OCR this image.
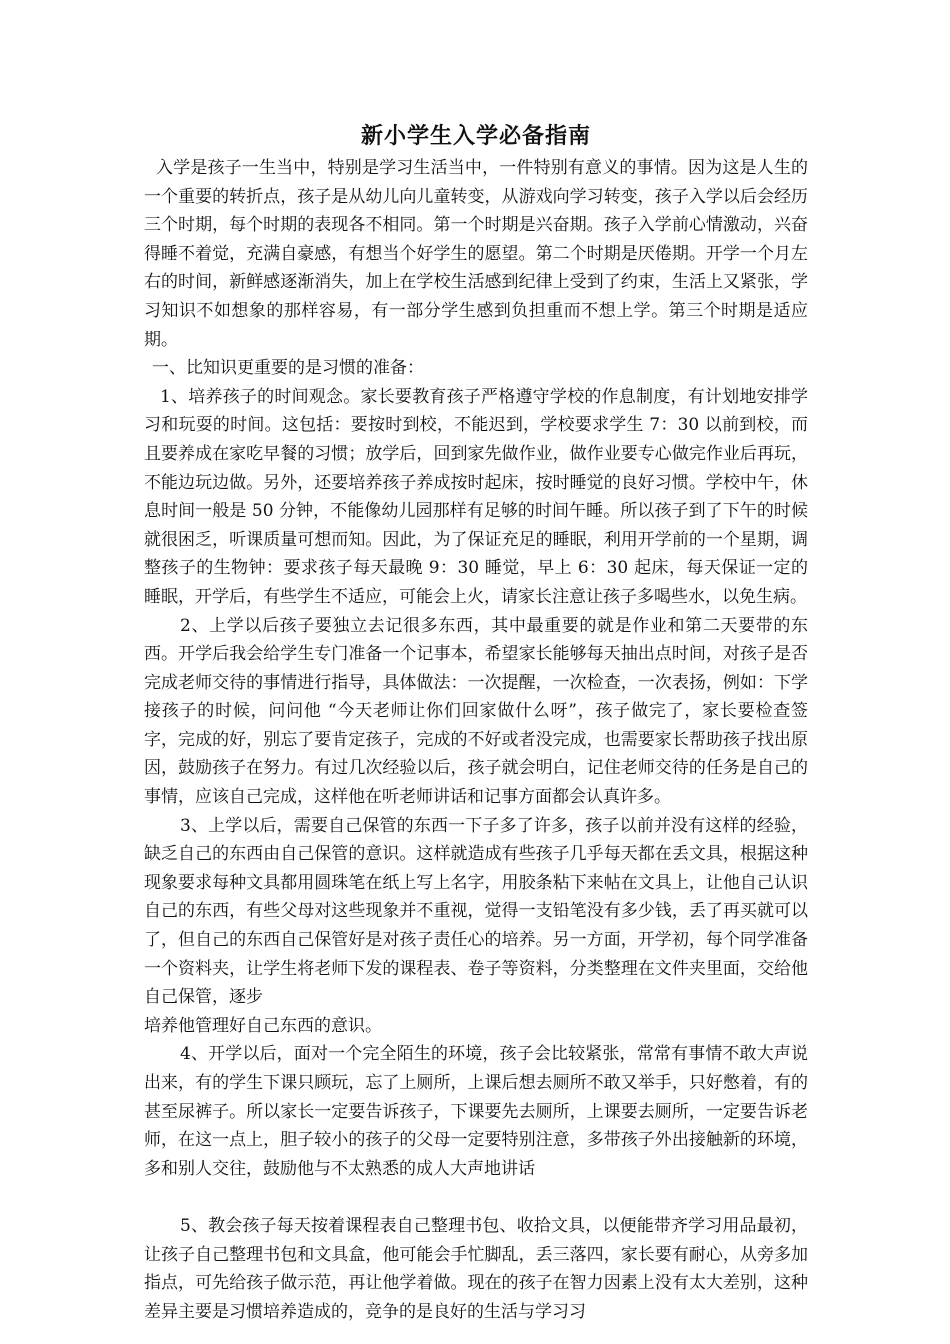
新小学生入学必备指南

入学是孩子一生当中，特别是学习生活当中，一件特别有意义的事情。因为这是人生的一个重要的转折点，孩子是从幼儿向儿童转变，从游戏向学习转变，孩子入学以后会经历三个时期，每个时期的表现各不相同。第一个时期是兴奋期。孩子入学前心情激动，兴奋得睡不着觉，充满自豪感，有想当个好学生的愿望。第二个时期是厌倦期。开学一个月左右的时间，新鲜感逐渐消失，加上在学校生活感到纪律上受到了约束，生活上又紧张，学习知识不如想象的那样容易，有一部分学生感到负担重而不想上学。第三个时期是适应期。

一、比知识更重要的是习惯的准备：

1、培养孩子的时间观念。家长要教育孩子严格遵守学校的作息制度，有计划地安排学习和玩耍的时间。这包括：要按时到校，不能迟到，学校要求学生 7：30 以前到校，而且要养成在家吃早餐的习惯；放学后，回到家先做作业，做作业要专心做完作业后再玩，不能边玩边做。另外，还要培养孩子养成按时起床，按时睡觉的良好习惯。学校中午，休息时间一般是 50 分钟，不能像幼儿园那样有足够的时间午睡。所以孩子到了下午的时候就很困乏，听课质量可想而知。因此，为了保证充足的睡眠，利用开学前的一个星期，调整孩子的生物钟：要求孩子每天最晚 9：30 睡觉，早上 6：30 起床，每天保证一定的睡眠，开学后，有些学生不适应，可能会上火，请家长注意让孩子多喝些水，以免生病。

2、上学以后孩子要独立去记很多东西，其中最重要的就是作业和第二天要带的东西。开学后我会给学生专门准备一个记事本，希望家长能够每天抽出点时间，对孩子是否完成老师交待的事情进行指导，具体做法：一次提醒，一次检查，一次表扬，例如：下学接孩子的时候，问问他 “今天老师让你们回家做什么呀”，孩子做完了，家长要检查签字，完成的好，别忘了要肯定孩子，完成的不好或者没完成，也需要家长帮助孩子找出原因，鼓励孩子在努力。有过几次经验以后，孩子就会明白，记住老师交待的任务是自己的事情，应该自己完成，这样他在听老师讲话和记事方面都会认真许多。

3、上学以后，需要自己保管的东西一下子多了许多，孩子以前并没有这样的经验，缺乏自己的东西由自己保管的意识。这样就造成有些孩子几乎每天都在丢文具，根据这种现象要求每种文具都用圆珠笔在纸上写上名字，用胶条粘下来帖在文具上，让他自己认识自己的东西，有些父母对这些现象并不重视，觉得一支铅笔没有多少钱，丢了再买就可以了，但自己的东西自己保管好是对孩子责任心的培养。另一方面，开学初，每个同学准备一个资料夹，让学生将老师下发的课程表、卷子等资料，分类整理在文件夹里面，交给他自己保管，逐步

培养他管理好自己东西的意识。

4、开学以后，面对一个完全陌生的环境，孩子会比较紧张，常常有事情不敢大声说出来，有的学生下课只顾玩，忘了上厕所，上课后想去厕所不敢又举手，只好憋着，有的甚至尿裤子。所以家长一定要告诉孩子，下课要先去厕所，上课要去厕所，一定要告诉老师，在这一点上，胆子较小的孩子的父母一定要特别注意，多带孩子外出接触新的环境，多和别人交往，鼓励他与不太熟悉的成人大声地讲话

5、教会孩子每天按着课程表自己整理书包、收拾文具，以便能带齐学习用品最初，让孩子自己整理书包和文具盒，他可能会手忙脚乱，丢三落四，家长要有耐心，从旁多加指点，可先给孩子做示范，再让他学着做。现在的孩子在智力因素上没有太大差别，这种差异主要是习惯培养造成的，竞争的是良好的生活与学习习
